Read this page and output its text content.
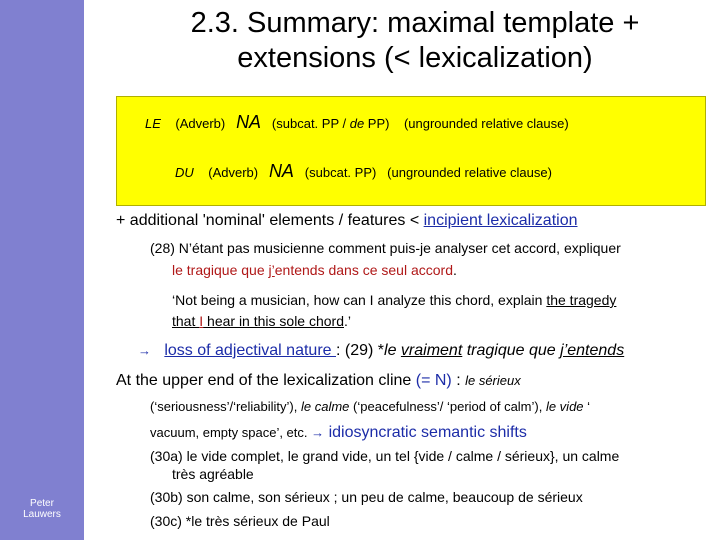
Peter
Lauwers
2.3. Summary: maximal template +
extensions (< lexicalization)
LE (Adverb) NA (subcat. PP / de PP) (ungrounded relative clause)
DU (Adverb) NA (subcat. PP) (ungrounded relative clause)
+ additional 'nominal' elements / features < incipient lexicalization
(28) N’étant pas musicienne comment puis-je analyser cet accord, expliquer
le tragique que j’entends dans ce seul accord.
‘Not being a musician, how can I analyze this chord, explain the tragedy
that I hear in this sole chord.’
→ loss of adjectival nature : (29) *le vraiment tragique que j’entends
At the upper end of the lexicalization cline (= N) : le sérieux
(‘seriousness’/‘reliability’), le calme (‘peacefulness’/ ‘period of calm’), le vide ‘
vacuum, empty space’, etc. → idiosyncratic semantic shifts
(30a) le vide complet, le grand vide, un tel {vide / calme / sérieux}, un calme
très agréable
(30b) son calme, son sérieux ; un peu de calme, beaucoup de sérieux
(30c) *le très sérieux de Paul
